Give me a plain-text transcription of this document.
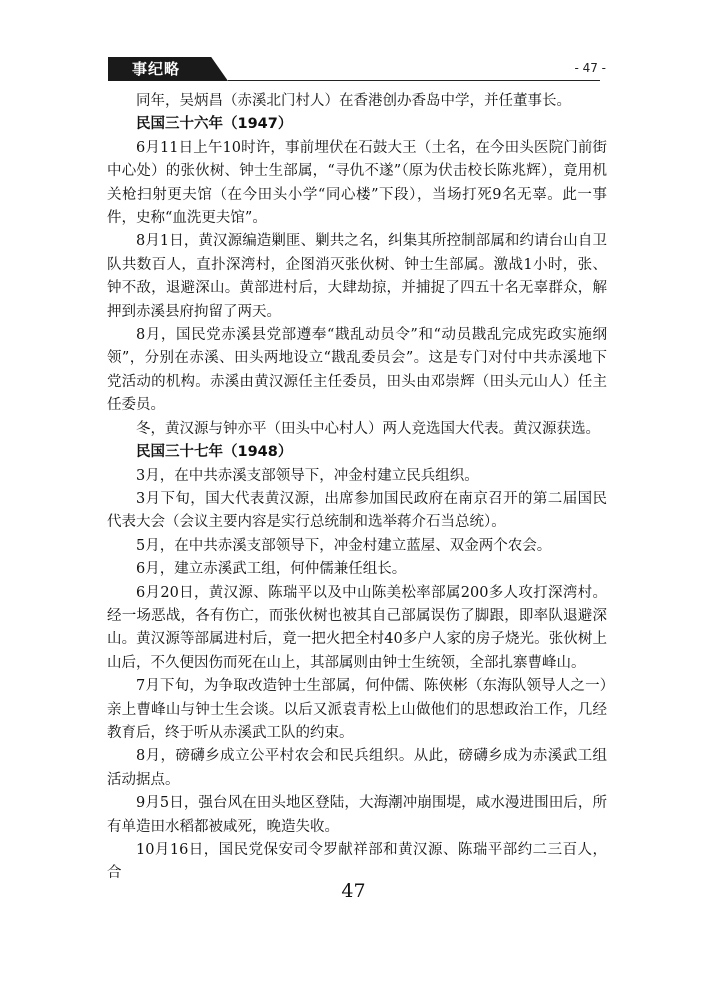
事纪略	- 47 -

同年，吴炳昌（赤溪北门村人）在香港创办香岛中学，并任董事长。

民国三十六年（1947）

6月11日上午10时许，事前埋伏在石鼓大王（土名，在今田头医院门前街中心处）的张伙树、钟士生部属，“寻仇不遂”（原为伏击校长陈兆辉），竟用机关枪扫射更夫馆（在今田头小学“同心楼”下段），当场打死9名无辜。此一事件，史称“血洗更夫馆”。

8月1日，黄汉源编造剿匪、剿共之名，纠集其所控制部属和约请台山自卫队共数百人，直扑深湾村，企图消灭张伙树、钟士生部属。激战1小时，张、钟不敌，退避深山。黄部进村后，大肆劫掠，并捕捉了四五十名无辜群众，解押到赤溪县府拘留了两天。

8月，国民党赤溪县党部遵奉“戡乱动员令”和“动员戡乱完成宪政实施纲领”，分别在赤溪、田头两地设立“戡乱委员会”。这是专门对付中共赤溪地下党活动的机构。赤溪由黄汉源任主任委员，田头由邓崇辉（田头元山人）任主任委员。

冬，黄汉源与钟亦平（田头中心村人）两人竞选国大代表。黄汉源获选。

民国三十七年（1948）

3月，在中共赤溪支部领导下，冲金村建立民兵组织。

3月下旬，国大代表黄汉源，出席参加国民政府在南京召开的第二届国民代表大会（会议主要内容是实行总统制和选举蒋介石当总统）。

5月，在中共赤溪支部领导下，冲金村建立蓝屋、双金两个农会。

6月，建立赤溪武工组，何仲儒兼任组长。

6月20日，黄汉源、陈瑞平以及中山陈美松率部属200多人攻打深湾村。经一场恶战，各有伤亡，而张伙树也被其自己部属误伤了脚跟，即率队退避深山。黄汉源等部属进村后，竟一把火把全村40多户人家的房子烧光。张伙树上山后，不久便因伤而死在山上，其部属则由钟士生统领，全部扎寨曹峰山。

7月下旬，为争取改造钟士生部属，何仲儒、陈俠彬（东海队领导人之一）亲上曹峰山与钟士生会谈。以后又派袁青松上山做他们的思想政治工作，几经教育后，终于听从赤溪武工队的约束。

8月，磅礴乡成立公平村农会和民兵组织。从此，磅礴乡成为赤溪武工组活动据点。

9月5日，强台风在田头地区登陆，大海潮冲崩围堤，咸水漫进围田后，所有单造田水稻都被咸死，晚造失收。

10月16日，国民党保安司令罗献祥部和黄汉源、陈瑞平部约二三百人，合

47
